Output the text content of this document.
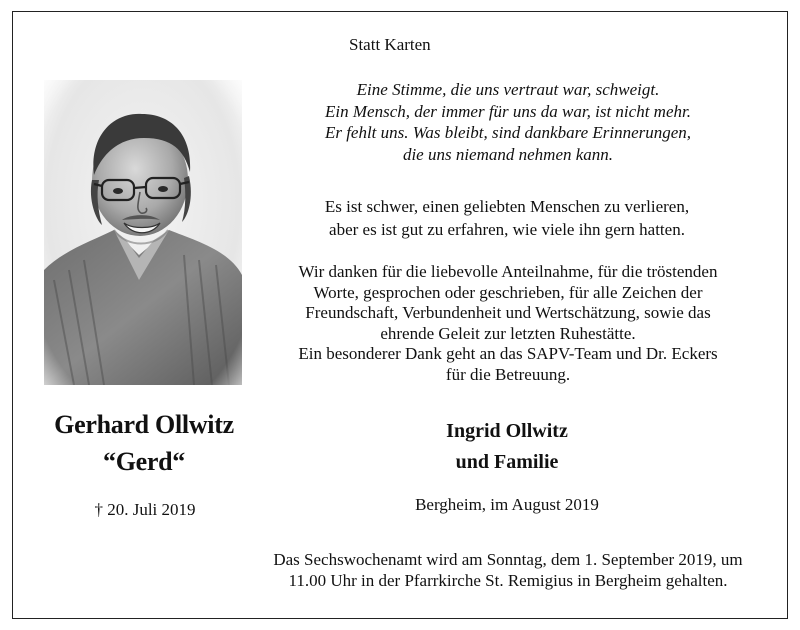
Statt Karten
Eine Stimme, die uns vertraut war, schweigt.
Ein Mensch, der immer für uns da war, ist nicht mehr.
Er fehlt uns. Was bleibt, sind dankbare Erinnerungen,
die uns niemand nehmen kann.
Es ist schwer, einen geliebten Menschen zu verlieren,
aber es ist gut zu erfahren, wie viele ihn gern hatten.
Wir danken für die liebevolle Anteilnahme, für die tröstenden
Worte, gesprochen oder geschrieben, für alle Zeichen der
Freundschaft, Verbundenheit und Wertschätzung, sowie das
ehrende Geleit zur letzten Ruhestätte.
Ein besonderer Dank geht an das SAPV-Team und Dr. Eckers
für die Betreuung.
Gerhard Ollwitz
“Gerd“
† 20. Juli 2019
Ingrid Ollwitz
und Familie
Bergheim, im August 2019
Das Sechswochenamt wird am Sonntag, dem 1. September 2019, um
11.00 Uhr in der Pfarrkirche St. Remigius in Bergheim gehalten.
